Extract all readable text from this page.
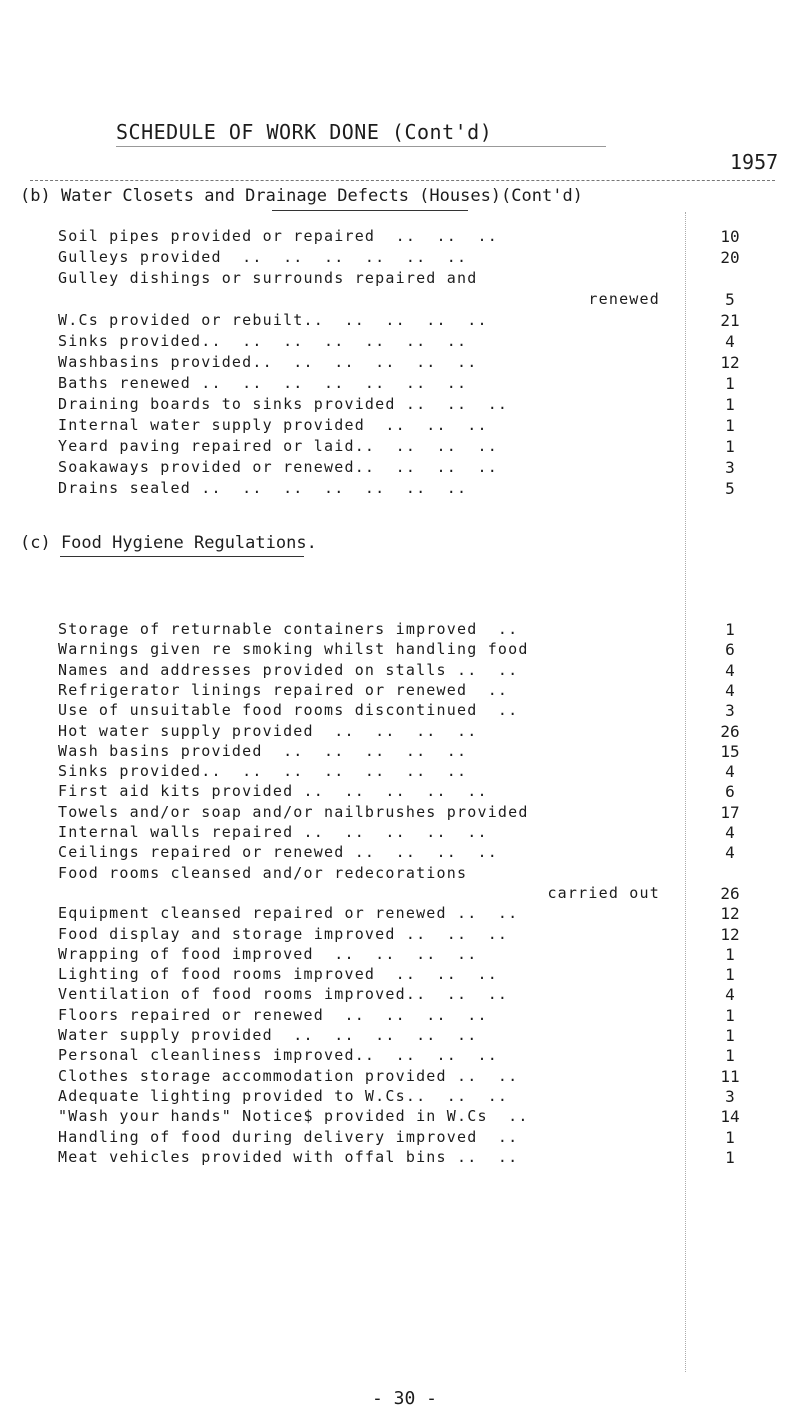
SCHEDULE OF WORK DONE (Cont'd)
1957
(b) Water Closets and Drainage Defects (Houses)(Cont'd)
Soil pipes provided or repaired  ..  ..  ..	10
Gulleys provided  ..  ..  ..  ..  ..  ..	20
Gulley dishings or surrounds repaired and
renewed	5
W.Cs provided or rebuilt..  ..  ..  ..  ..	21
Sinks provided..  ..  ..  ..  ..  ..  ..	4
Washbasins provided..  ..  ..  ..  ..  ..	12
Baths renewed ..  ..  ..  ..  ..  ..  ..	1
Draining boards to sinks provided ..  ..  ..	1
Internal water supply provided  ..  ..  ..	1
Yeard paving repaired or laid..  ..  ..  ..	1
Soakaways provided or renewed..  ..  ..  ..	3
Drains sealed ..  ..  ..  ..  ..  ..  ..	5
(c) Food Hygiene Regulations.
Storage of returnable containers improved  ..	1
Warnings given re smoking whilst handling food	6
Names and addresses provided on stalls ..  ..	4
Refrigerator linings repaired or renewed  ..	4
Use of unsuitable food rooms discontinued  ..	3
Hot water supply provided  ..  ..  ..  ..	26
Wash basins provided  ..  ..  ..  ..  ..	15
Sinks provided..  ..  ..  ..  ..  ..  ..	4
First aid kits provided ..  ..  ..  ..  ..	6
Towels and/or soap and/or nailbrushes provided	17
Internal walls repaired ..  ..  ..  ..  ..	4
Ceilings repaired or renewed ..  ..  ..  ..	4
Food rooms cleansed and/or redecorations
carried out	26
Equipment cleansed repaired or renewed ..  ..	12
Food display and storage improved ..  ..  ..	12
Wrapping of food improved  ..  ..  ..  ..	1
Lighting of food rooms improved  ..  ..  ..	1
Ventilation of food rooms improved..  ..  ..	4
Floors repaired or renewed  ..  ..  ..  ..	1
Water supply provided  ..  ..  ..  ..  ..	1
Personal cleanliness improved..  ..  ..  ..	1
Clothes storage accommodation provided ..  ..	11
Adequate lighting provided to W.Cs..  ..  ..	3
"Wash your hands" Notice$ provided in W.Cs  ..	14
Handling of food during delivery improved  ..	1
Meat vehicles provided with offal bins ..  ..	1
- 30 -
